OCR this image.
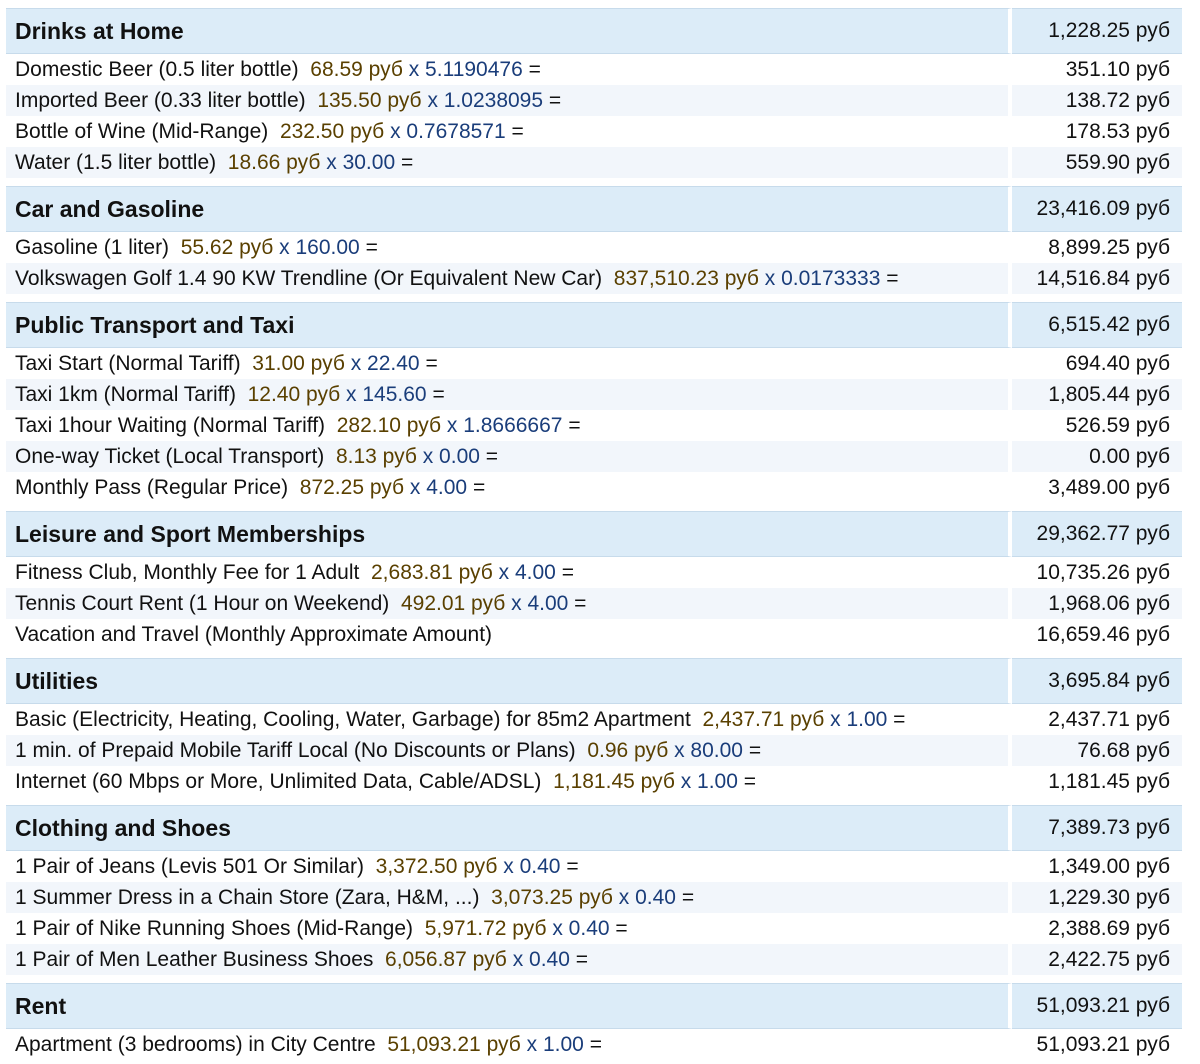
Drinks at Home	1,228.25 руб
Domestic Beer (0.5 liter bottle) 68.59 руб x 5.1190476 =	351.10 руб
Imported Beer (0.33 liter bottle) 135.50 руб x 1.0238095 =	138.72 руб
Bottle of Wine (Mid-Range) 232.50 руб x 0.7678571 =	178.53 руб
Water (1.5 liter bottle) 18.66 руб x 30.00 =	559.90 руб

Car and Gasoline	23,416.09 руб
Gasoline (1 liter) 55.62 руб x 160.00 =	8,899.25 руб
Volkswagen Golf 1.4 90 KW Trendline (Or Equivalent New Car) 837,510.23 руб x 0.0173333 =	14,516.84 руб

Public Transport and Taxi	6,515.42 руб
Taxi Start (Normal Tariff) 31.00 руб x 22.40 =	694.40 руб
Taxi 1km (Normal Tariff) 12.40 руб x 145.60 =	1,805.44 руб
Taxi 1hour Waiting (Normal Tariff) 282.10 руб x 1.8666667 =	526.59 руб
One-way Ticket (Local Transport) 8.13 руб x 0.00 =	0.00 руб
Monthly Pass (Regular Price) 872.25 руб x 4.00 =	3,489.00 руб

Leisure and Sport Memberships	29,362.77 руб
Fitness Club, Monthly Fee for 1 Adult 2,683.81 руб x 4.00 =	10,735.26 руб
Tennis Court Rent (1 Hour on Weekend) 492.01 руб x 4.00 =	1,968.06 руб
Vacation and Travel (Monthly Approximate Amount)	16,659.46 руб

Utilities	3,695.84 руб
Basic (Electricity, Heating, Cooling, Water, Garbage) for 85m2 Apartment 2,437.71 руб x 1.00 =	2,437.71 руб
1 min. of Prepaid Mobile Tariff Local (No Discounts or Plans) 0.96 руб x 80.00 =	76.68 руб
Internet (60 Mbps or More, Unlimited Data, Cable/ADSL) 1,181.45 руб x 1.00 =	1,181.45 руб

Clothing and Shoes	7,389.73 руб
1 Pair of Jeans (Levis 501 Or Similar) 3,372.50 руб x 0.40 =	1,349.00 руб
1 Summer Dress in a Chain Store (Zara, H&M, ...) 3,073.25 руб x 0.40 =	1,229.30 руб
1 Pair of Nike Running Shoes (Mid-Range) 5,971.72 руб x 0.40 =	2,388.69 руб
1 Pair of Men Leather Business Shoes 6,056.87 руб x 0.40 =	2,422.75 руб

Rent	51,093.21 руб
Apartment (3 bedrooms) in City Centre 51,093.21 руб x 1.00 =	51,093.21 руб
